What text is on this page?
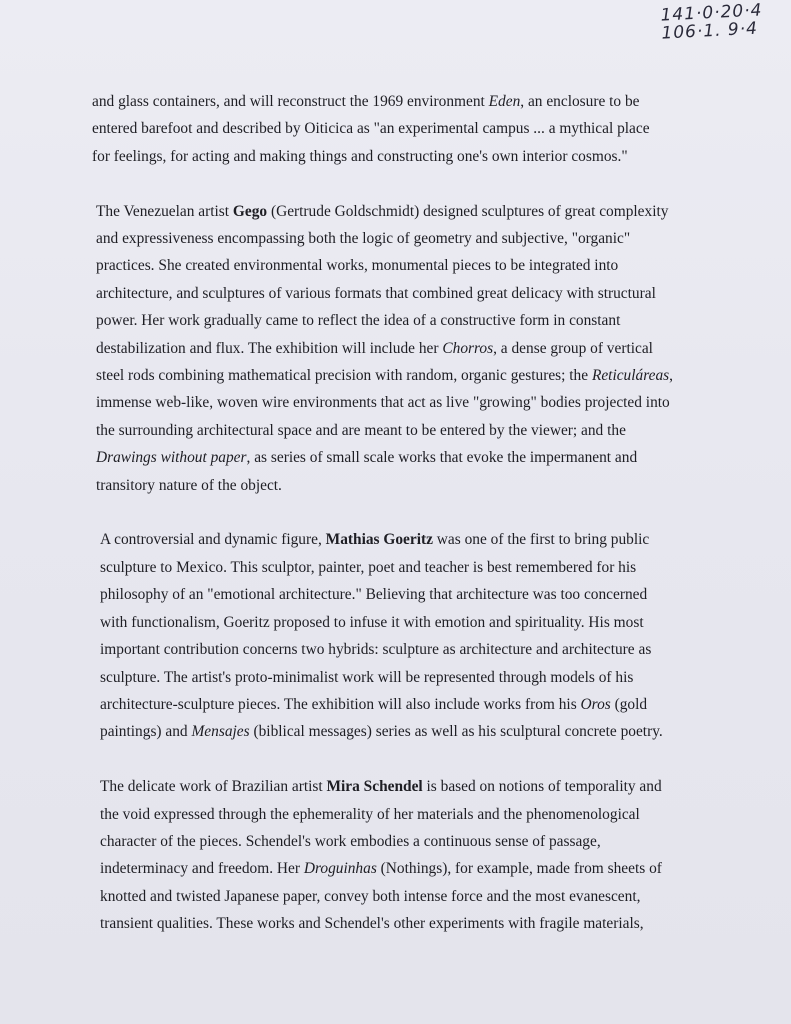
141·0·20·4
106·1. 9·4
and glass containers, and will reconstruct the 1969 environment Eden, an enclosure to be
entered barefoot and described by Oiticica as "an experimental campus ... a mythical place
for feelings, for acting and making things and constructing one's own interior cosmos."
The Venezuelan artist Gego (Gertrude Goldschmidt) designed sculptures of great complexity
and expressiveness encompassing both the logic of geometry and subjective, "organic"
practices. She created environmental works, monumental pieces to be integrated into
architecture, and sculptures of various formats that combined great delicacy with structural
power. Her work gradually came to reflect the idea of a constructive form in constant
destabilization and flux. The exhibition will include her Chorros, a dense group of vertical
steel rods combining mathematical precision with random, organic gestures; the Reticuláreas,
immense web-like, woven wire environments that act as live "growing" bodies projected into
the surrounding architectural space and are meant to be entered by the viewer; and the
Drawings without paper, as series of small scale works that evoke the impermanent and
transitory nature of the object.
A controversial and dynamic figure, Mathias Goeritz was one of the first to bring public
sculpture to Mexico. This sculptor, painter, poet and teacher is best remembered for his
philosophy of an "emotional architecture." Believing that architecture was too concerned
with functionalism, Goeritz proposed to infuse it with emotion and spirituality. His most
important contribution concerns two hybrids: sculpture as architecture and architecture as
sculpture. The artist's proto-minimalist work will be represented through models of his
architecture-sculpture pieces. The exhibition will also include works from his Oros (gold
paintings) and Mensajes (biblical messages) series as well as his sculptural concrete poetry.
The delicate work of Brazilian artist Mira Schendel is based on notions of temporality and
the void expressed through the ephemerality of her materials and the phenomenological
character of the pieces. Schendel's work embodies a continuous sense of passage,
indeterminacy and freedom. Her Droguinhas (Nothings), for example, made from sheets of
knotted and twisted Japanese paper, convey both intense force and the most evanescent,
transient qualities. These works and Schendel's other experiments with fragile materials,
